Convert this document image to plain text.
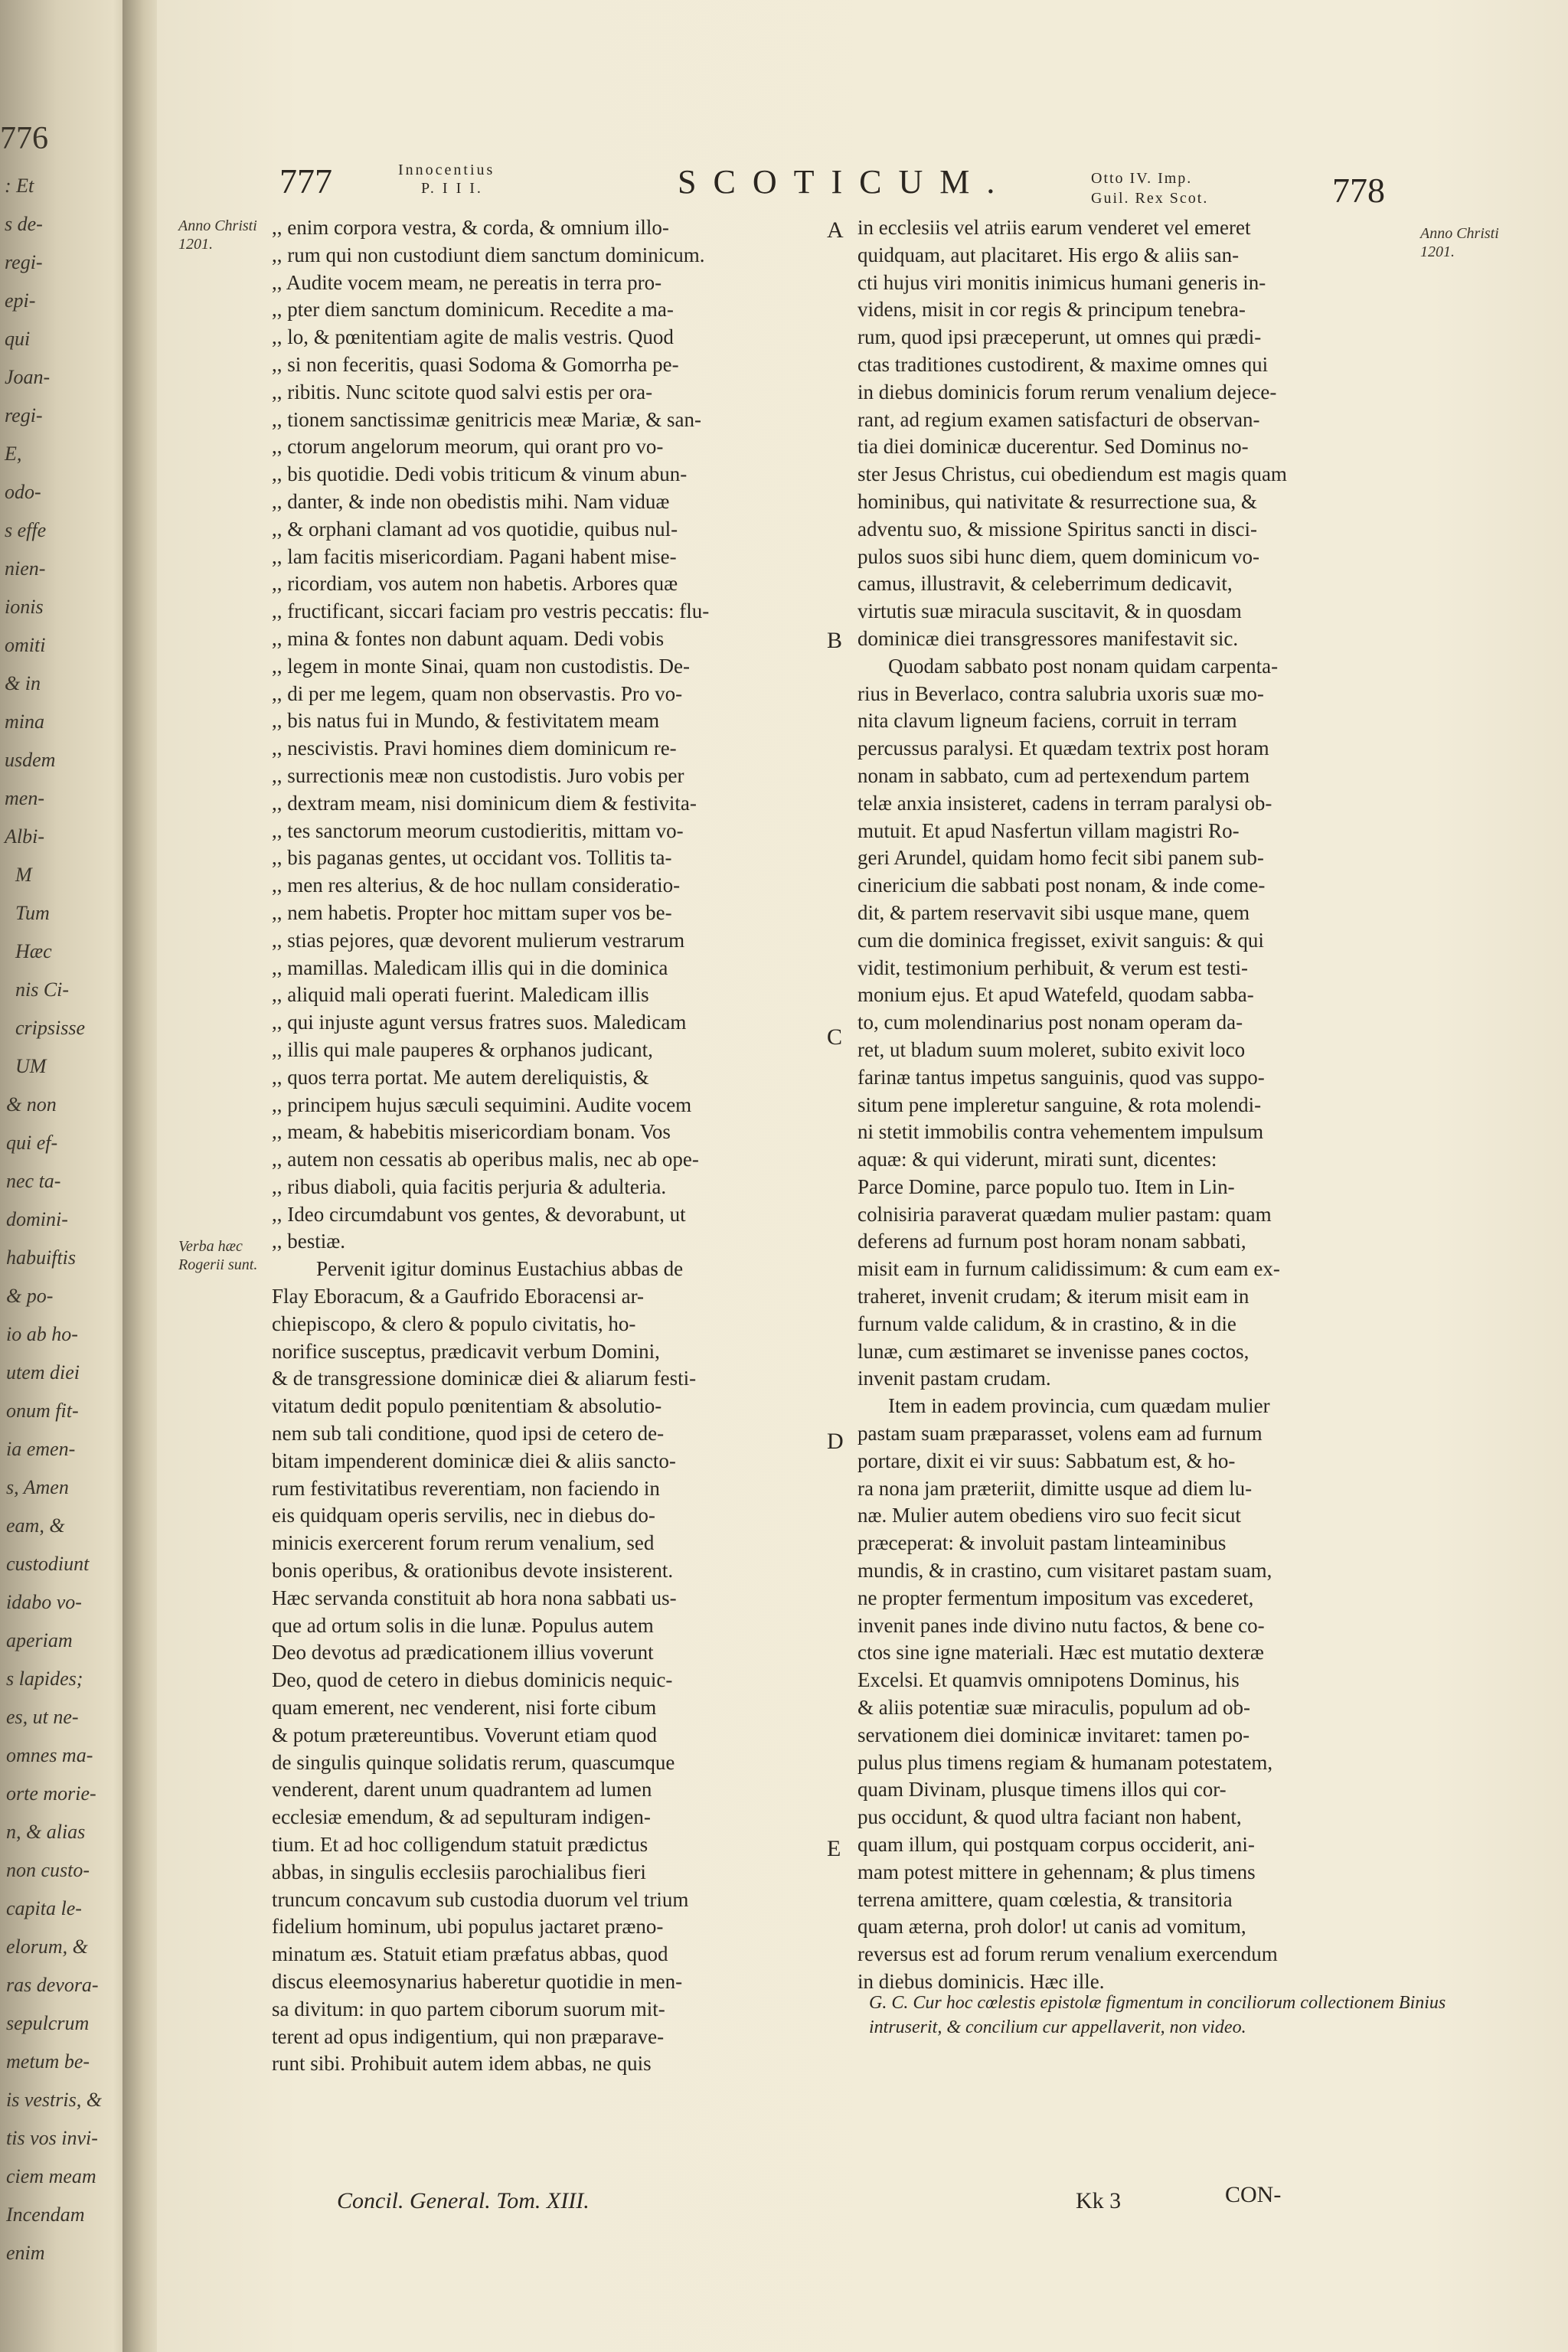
776
: Et
s de-
regi-
epi-
qui
Joan-
regi-
E,
odo-
s effe
nien-
ionis
omiti
& in
mina
usdem
men-
Albi-
M
Tum
Hæc
nis Ci-
cripsisse
UM
& non
qui ef-
nec ta-
domini-
habuiftis
& po-
io ab ho-
utem diei
onum fit-
ia emen-
s, Amen
eam, &
custodiunt
idabo vo-
aperiam
s lapides;
es, ut ne-
omnes ma-
orte morie-
n, & alias
non custo-
capita le-
elorum, &
ras devora-
sepulcrum
metum be-
is vestris, &
tis vos invi-
ciem meam
Incendam
enim
777	Innocentius
P. I I I.	SCOTICUM.	Otto IV. Imp.
Guil. Rex Scot.	778
Anno Christi 1201.
Anno Christi 1201.
Verba hæc Rogerii sunt.
,, enim corpora vestra, & corda, & omnium illo-
,, rum qui non custodiunt diem sanctum dominicum.
,, Audite vocem meam, ne pereatis in terra pro-
,, pter diem sanctum dominicum. Recedite a ma-
,, lo, & pœnitentiam agite de malis vestris. Quod
,, si non feceritis, quasi Sodoma & Gomorrha pe-
,, ribitis. Nunc scitote quod salvi estis per ora-
,, tionem sanctissimæ genitricis meæ Mariæ, & san-
,, ctorum angelorum meorum, qui orant pro vo-
,, bis quotidie. Dedi vobis triticum & vinum abun-
,, danter, & inde non obedistis mihi. Nam viduæ
,, & orphani clamant ad vos quotidie, quibus nul-
,, lam facitis misericordiam. Pagani habent mise-
,, ricordiam, vos autem non habetis. Arbores quæ
,, fructificant, siccari faciam pro vestris peccatis: flu-
,, mina & fontes non dabunt aquam. Dedi vobis
,, legem in monte Sinai, quam non custodistis. De-
,, di per me legem, quam non observastis. Pro vo-
,, bis natus fui in Mundo, & festivitatem meam
,, nescivistis. Pravi homines diem dominicum re-
,, surrectionis meæ non custodistis. Juro vobis per
,, dextram meam, nisi dominicum diem & festivita-
,, tes sanctorum meorum custodieritis, mittam vo-
,, bis paganas gentes, ut occidant vos. Tollitis ta-
,, men res alterius, & de hoc nullam consideratio-
,, nem habetis. Propter hoc mittam super vos be-
,, stias pejores, quæ devorent mulierum vestrarum
,, mamillas. Maledicam illis qui in die dominica
,, aliquid mali operati fuerint. Maledicam illis
,, qui injuste agunt versus fratres suos. Maledicam
,, illis qui male pauperes & orphanos judicant,
,, quos terra portat. Me autem dereliquistis, &
,, principem hujus sæculi sequimini. Audite vocem
,, meam, & habebitis misericordiam bonam. Vos
,, autem non cessatis ab operibus malis, nec ab ope-
,, ribus diaboli, quia facitis perjuria & adulteria.
,, Ideo circumdabunt vos gentes, & devorabunt, ut
,, bestiæ.
Pervenit igitur dominus Eustachius abbas de
Flay Eboracum, & a Gaufrido Eboracensi ar-
chiepiscopo, & clero & populo civitatis, ho-
norifice susceptus, prædicavit verbum Domini,
& de transgressione dominicæ diei & aliarum festi-
vitatum dedit populo pœnitentiam & absolutio-
nem sub tali conditione, quod ipsi de cetero de-
bitam impenderent dominicæ diei & aliis sancto-
rum festivitatibus reverentiam, non faciendo in
eis quidquam operis servilis, nec in diebus do-
minicis exercerent forum rerum venalium, sed
bonis operibus, & orationibus devote insisterent.
Hæc servanda constituit ab hora nona sabbati us-
que ad ortum solis in die lunæ. Populus autem
Deo devotus ad prædicationem illius voverunt
Deo, quod de cetero in diebus dominicis nequic-
quam emerent, nec venderent, nisi forte cibum
& potum prætereuntibus. Voverunt etiam quod
de singulis quinque solidatis rerum, quascumque
venderent, darent unum quadrantem ad lumen
ecclesiæ emendum, & ad sepulturam indigen-
tium. Et ad hoc colligendum statuit prædictus
abbas, in singulis ecclesiis parochialibus fieri
truncum concavum sub custodia duorum vel trium
fidelium hominum, ubi populus jactaret præno-
minatum æs. Statuit etiam præfatus abbas, quod
discus eleemosynarius haberetur quotidie in men-
sa divitum: in quo partem ciborum suorum mit-
terent ad opus indigentium, qui non præparave-
runt sibi. Prohibuit autem idem abbas, ne quis
in ecclesiis vel atriis earum venderet vel emeret
quidquam, aut placitaret. His ergo & aliis san-
cti hujus viri monitis inimicus humani generis in-
videns, misit in cor regis & principum tenebra-
rum, quod ipsi præceperunt, ut omnes qui prædi-
ctas traditiones custodirent, & maxime omnes qui
in diebus dominicis forum rerum venalium dejece-
rant, ad regium examen satisfacturi de observan-
tia diei dominicæ ducerentur. Sed Dominus no-
ster Jesus Christus, cui obediendum est magis quam
hominibus, qui nativitate & resurrectione sua, &
adventu suo, & missione Spiritus sancti in disci-
pulos suos sibi hunc diem, quem dominicum vo-
camus, illustravit, & celeberrimum dedicavit,
virtutis suæ miracula suscitavit, & in quosdam
dominicæ diei transgressores manifestavit sic.
Quodam sabbato post nonam quidam carpenta-
rius in Beverlaco, contra salubria uxoris suæ mo-
nita clavum ligneum faciens, corruit in terram
percussus paralysi. Et quædam textrix post horam
nonam in sabbato, cum ad pertexendum partem
telæ anxia insisteret, cadens in terram paralysi ob-
mutuit. Et apud Nasfertun villam magistri Ro-
geri Arundel, quidam homo fecit sibi panem sub-
cinericium die sabbati post nonam, & inde come-
dit, & partem reservavit sibi usque mane, quem
cum die dominica fregisset, exivit sanguis: & qui
vidit, testimonium perhibuit, & verum est testi-
monium ejus. Et apud Watefeld, quodam sabba-
to, cum molendinarius post nonam operam da-
ret, ut bladum suum moleret, subito exivit loco
farinæ tantus impetus sanguinis, quod vas suppo-
situm pene impleretur sanguine, & rota molendi-
ni stetit immobilis contra vehementem impulsum
aquæ: & qui viderunt, mirati sunt, dicentes:
Parce Domine, parce populo tuo. Item in Lin-
colnisiria paraverat quædam mulier pastam: quam
deferens ad furnum post horam nonam sabbati,
misit eam in furnum calidissimum: & cum eam ex-
traheret, invenit crudam; & iterum misit eam in
furnum valde calidum, & in crastino, & in die
lunæ, cum æstimaret se invenisse panes coctos,
invenit pastam crudam.
Item in eadem provincia, cum quædam mulier
pastam suam præparasset, volens eam ad furnum
portare, dixit ei vir suus: Sabbatum est, & ho-
ra nona jam præteriit, dimitte usque ad diem lu-
næ. Mulier autem obediens viro suo fecit sicut
præceperat: & involuit pastam linteaminibus
mundis, & in crastino, cum visitaret pastam suam,
ne propter fermentum impositum vas excederet,
invenit panes inde divino nutu factos, & bene co-
ctos sine igne materiali. Hæc est mutatio dexteræ
Excelsi. Et quamvis omnipotens Dominus, his
& aliis potentiæ suæ miraculis, populum ad ob-
servationem diei dominicæ invitaret: tamen po-
pulus plus timens regiam & humanam potestatem,
quam Divinam, plusque timens illos qui cor-
pus occidunt, & quod ultra faciant non habent,
quam illum, qui postquam corpus occiderit, ani-
mam potest mittere in gehennam; & plus timens
terrena amittere, quam cœlestia, & transitoria
quam æterna, proh dolor! ut canis ad vomitum,
reversus est ad forum rerum venalium exercendum
in diebus dominicis. Hæc ille.
A
B
C
D
E
G. C. Cur hoc cœlestis epistolæ figmentum in conciliorum collectionem Binius intruserit, & concilium cur appellaverit, non video.
Concil. General. Tom. XIII.	Kk 3	CON-
